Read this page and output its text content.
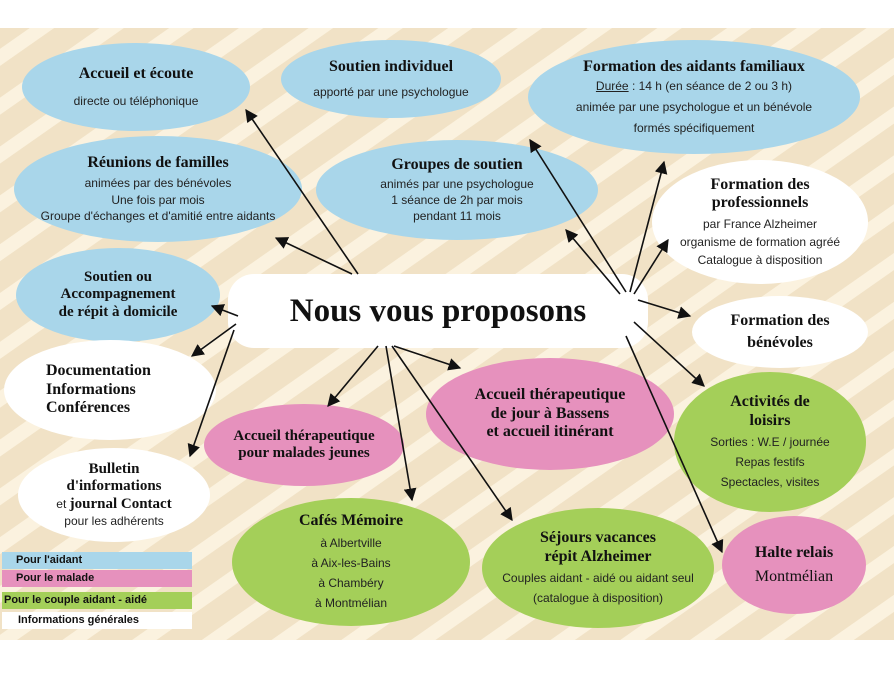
Accueil et écoute
directe ou téléphonique
Soutien individuel
apporté par une psychologue
Formation des aidants familiaux
Durée : 14 h (en séance de 2 ou 3 h)
animée par une psychologue et un bénévole
formés spécifiquement
Réunions de familles
animées par des bénévoles
Une fois par mois
Groupe d'échanges et d'amitié entre aidants
Groupes de soutien
animés par une psychologue
1 séance de 2h par mois
pendant 11 mois
Formation des
professionnels
par France Alzheimer
organisme de formation agréé
Catalogue à disposition
Soutien ou
Accompagnement
de répit à domicile	Formation des
bénévoles
Documentation
Informations
Conférences
Accueil thérapeutique
de jour à Bassens
et accueil itinérant
Activités de
loisirs
Sorties : W.E / journée
Repas festifs
Spectacles, visites
Accueil thérapeutique
pour malades jeunes
Bulletin
d'informations
et journal Contact
pour les adhérents	Cafés Mémoire
à Albertville
à Aix-les-Bains
à Chambéry
à Montmélian
Séjours vacances
répit Alzheimer
Couples aidant - aidé ou aidant seul
(catalogue à disposition)
Halte relais
Montmélian
Nous vous proposons
Pour l'aidant
Pour le malade
Pour le couple aidant - aidé
Informations générales
